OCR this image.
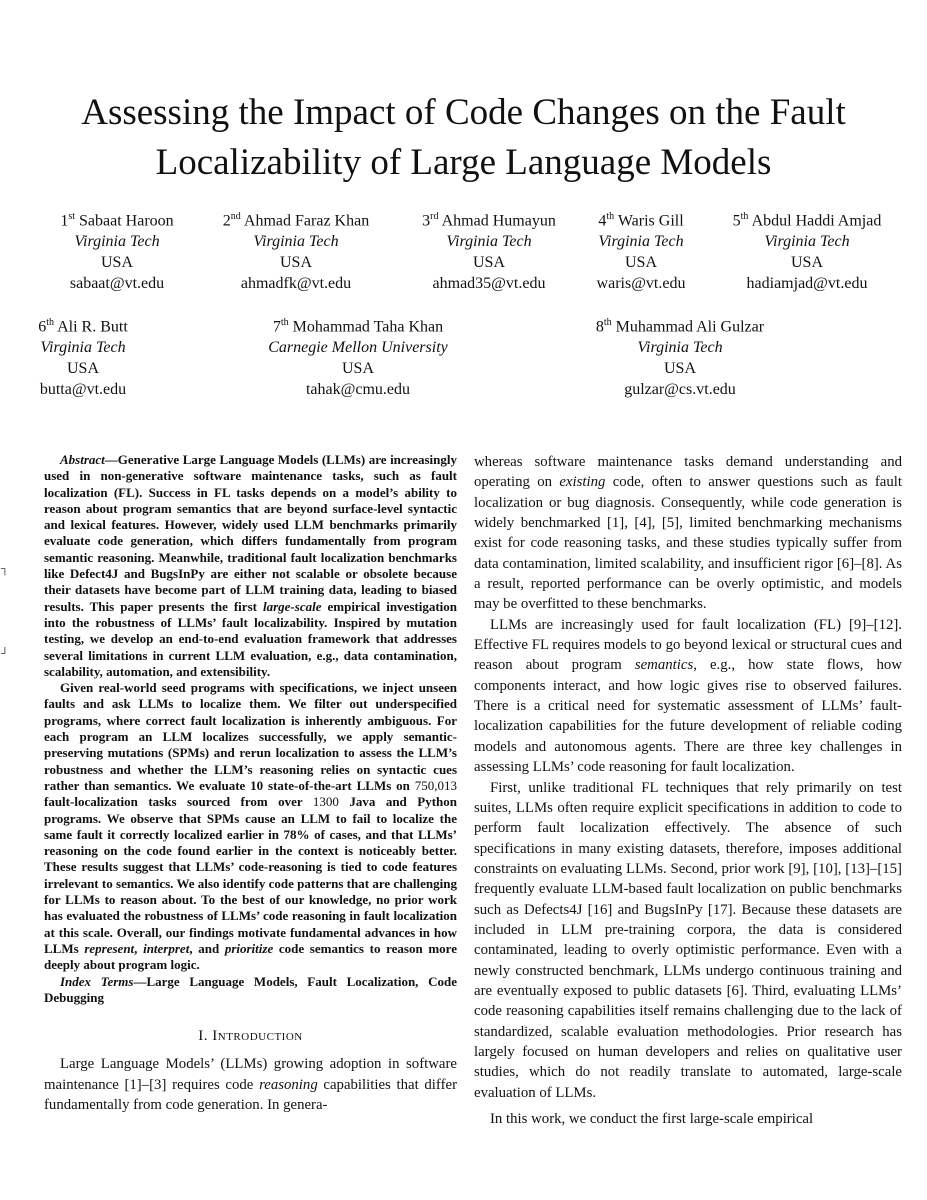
Assessing the Impact of Code Changes on the Fault
Localizability of Large Language Models
1st Sabaat Haroon
Virginia Tech
USA
sabaat@vt.edu
2nd Ahmad Faraz Khan
Virginia Tech
USA
ahmadfk@vt.edu
3rd Ahmad Humayun
Virginia Tech
USA
ahmad35@vt.edu
4th Waris Gill
Virginia Tech
USA
waris@vt.edu
5th Abdul Haddi Amjad
Virginia Tech
USA
hadiamjad@vt.edu
6th Ali R. Butt
Virginia Tech
USA
butta@vt.edu
7th Mohammad Taha Khan
Carnegie Mellon University
USA
tahak@cmu.edu
8th Muhammad Ali Gulzar
Virginia Tech
USA
gulzar@cs.vt.edu
┐
┘

Abstract—Generative Large Language Models (LLMs) are increasingly used in non-generative software maintenance tasks, such as fault localization (FL). Success in FL tasks depends on a model’s ability to reason about program semantics that are beyond surface-level syntactic and lexical features. However, widely used LLM benchmarks primarily evaluate code generation, which differs fundamentally from program semantic reasoning. Meanwhile, traditional fault localization benchmarks like Defect4J and BugsInPy are either not scalable or obsolete because their datasets have become part of LLM training data, leading to biased results. This paper presents the first large-scale empirical investigation into the robustness of LLMs’ fault localizability. Inspired by mutation testing, we develop an end-to-end evaluation framework that addresses several limitations in current LLM evaluation, e.g., data contamination, scalability, automation, and extensibility.

Given real-world seed programs with specifications, we inject unseen faults and ask LLMs to localize them. We filter out underspecified programs, where correct fault localization is inherently ambiguous. For each program an LLM localizes successfully, we apply semantic-preserving mutations (SPMs) and rerun localization to assess the LLM’s robustness and whether the LLM’s reasoning relies on syntactic cues rather than semantics. We evaluate 10 state-of-the-art LLMs on 750,013 fault-localization tasks sourced from over 1300 Java and Python programs. We observe that SPMs cause an LLM to fail to localize the same fault it correctly localized earlier in 78% of cases, and that LLMs’ reasoning on the code found earlier in the context is noticeably better. These results suggest that LLMs’ code-reasoning is tied to code features irrelevant to semantics. We also identify code patterns that are challenging for LLMs to reason about. To the best of our knowledge, no prior work has evaluated the robustness of LLMs’ code reasoning in fault localization at this scale. Overall, our findings motivate fundamental advances in how LLMs represent, interpret, and prioritize code semantics to reason more deeply about program logic.

Index Terms—Large Language Models, Fault Localization, Code Debugging

I. Introduction

Large Language Models’ (LLMs) growing adoption in software maintenance [1]–[3] requires code reasoning capabilities that differ fundamentally from code generation. In genera-

whereas software maintenance tasks demand understanding and operating on existing code, often to answer questions such as fault localization or bug diagnosis. Consequently, while code generation is widely benchmarked [1], [4], [5], limited benchmarking mechanisms exist for code reasoning tasks, and these studies typically suffer from data contamination, limited scalability, and insufficient rigor [6]–[8]. As a result, reported performance can be overly optimistic, and models may be overfitted to these benchmarks.

LLMs are increasingly used for fault localization (FL) [9]–[12]. Effective FL requires models to go beyond lexical or structural cues and reason about program semantics, e.g., how state flows, how components interact, and how logic gives rise to observed failures. There is a critical need for systematic assessment of LLMs’ fault-localization capabilities for the future development of reliable coding models and autonomous agents. There are three key challenges in assessing LLMs’ code reasoning for fault localization.

First, unlike traditional FL techniques that rely primarily on test suites, LLMs often require explicit specifications in addition to code to perform fault localization effectively. The absence of such specifications in many existing datasets, therefore, imposes additional constraints on evaluating LLMs. Second, prior work [9], [10], [13]–[15] frequently evaluate LLM-based fault localization on public benchmarks such as Defects4J [16] and BugsInPy [17]. Because these datasets are included in LLM pre-training corpora, the data is considered contaminated, leading to overly optimistic performance. Even with a newly constructed benchmark, LLMs undergo continuous training and are eventually exposed to public datasets [6]. Third, evaluating LLMs’ code reasoning capabilities itself remains challenging due to the lack of standardized, scalable evaluation methodologies. Prior research has largely focused on human developers and relies on qualitative user studies, which do not readily translate to automated, large-scale evaluation of LLMs.

In this work, we conduct the first large-scale empirical
